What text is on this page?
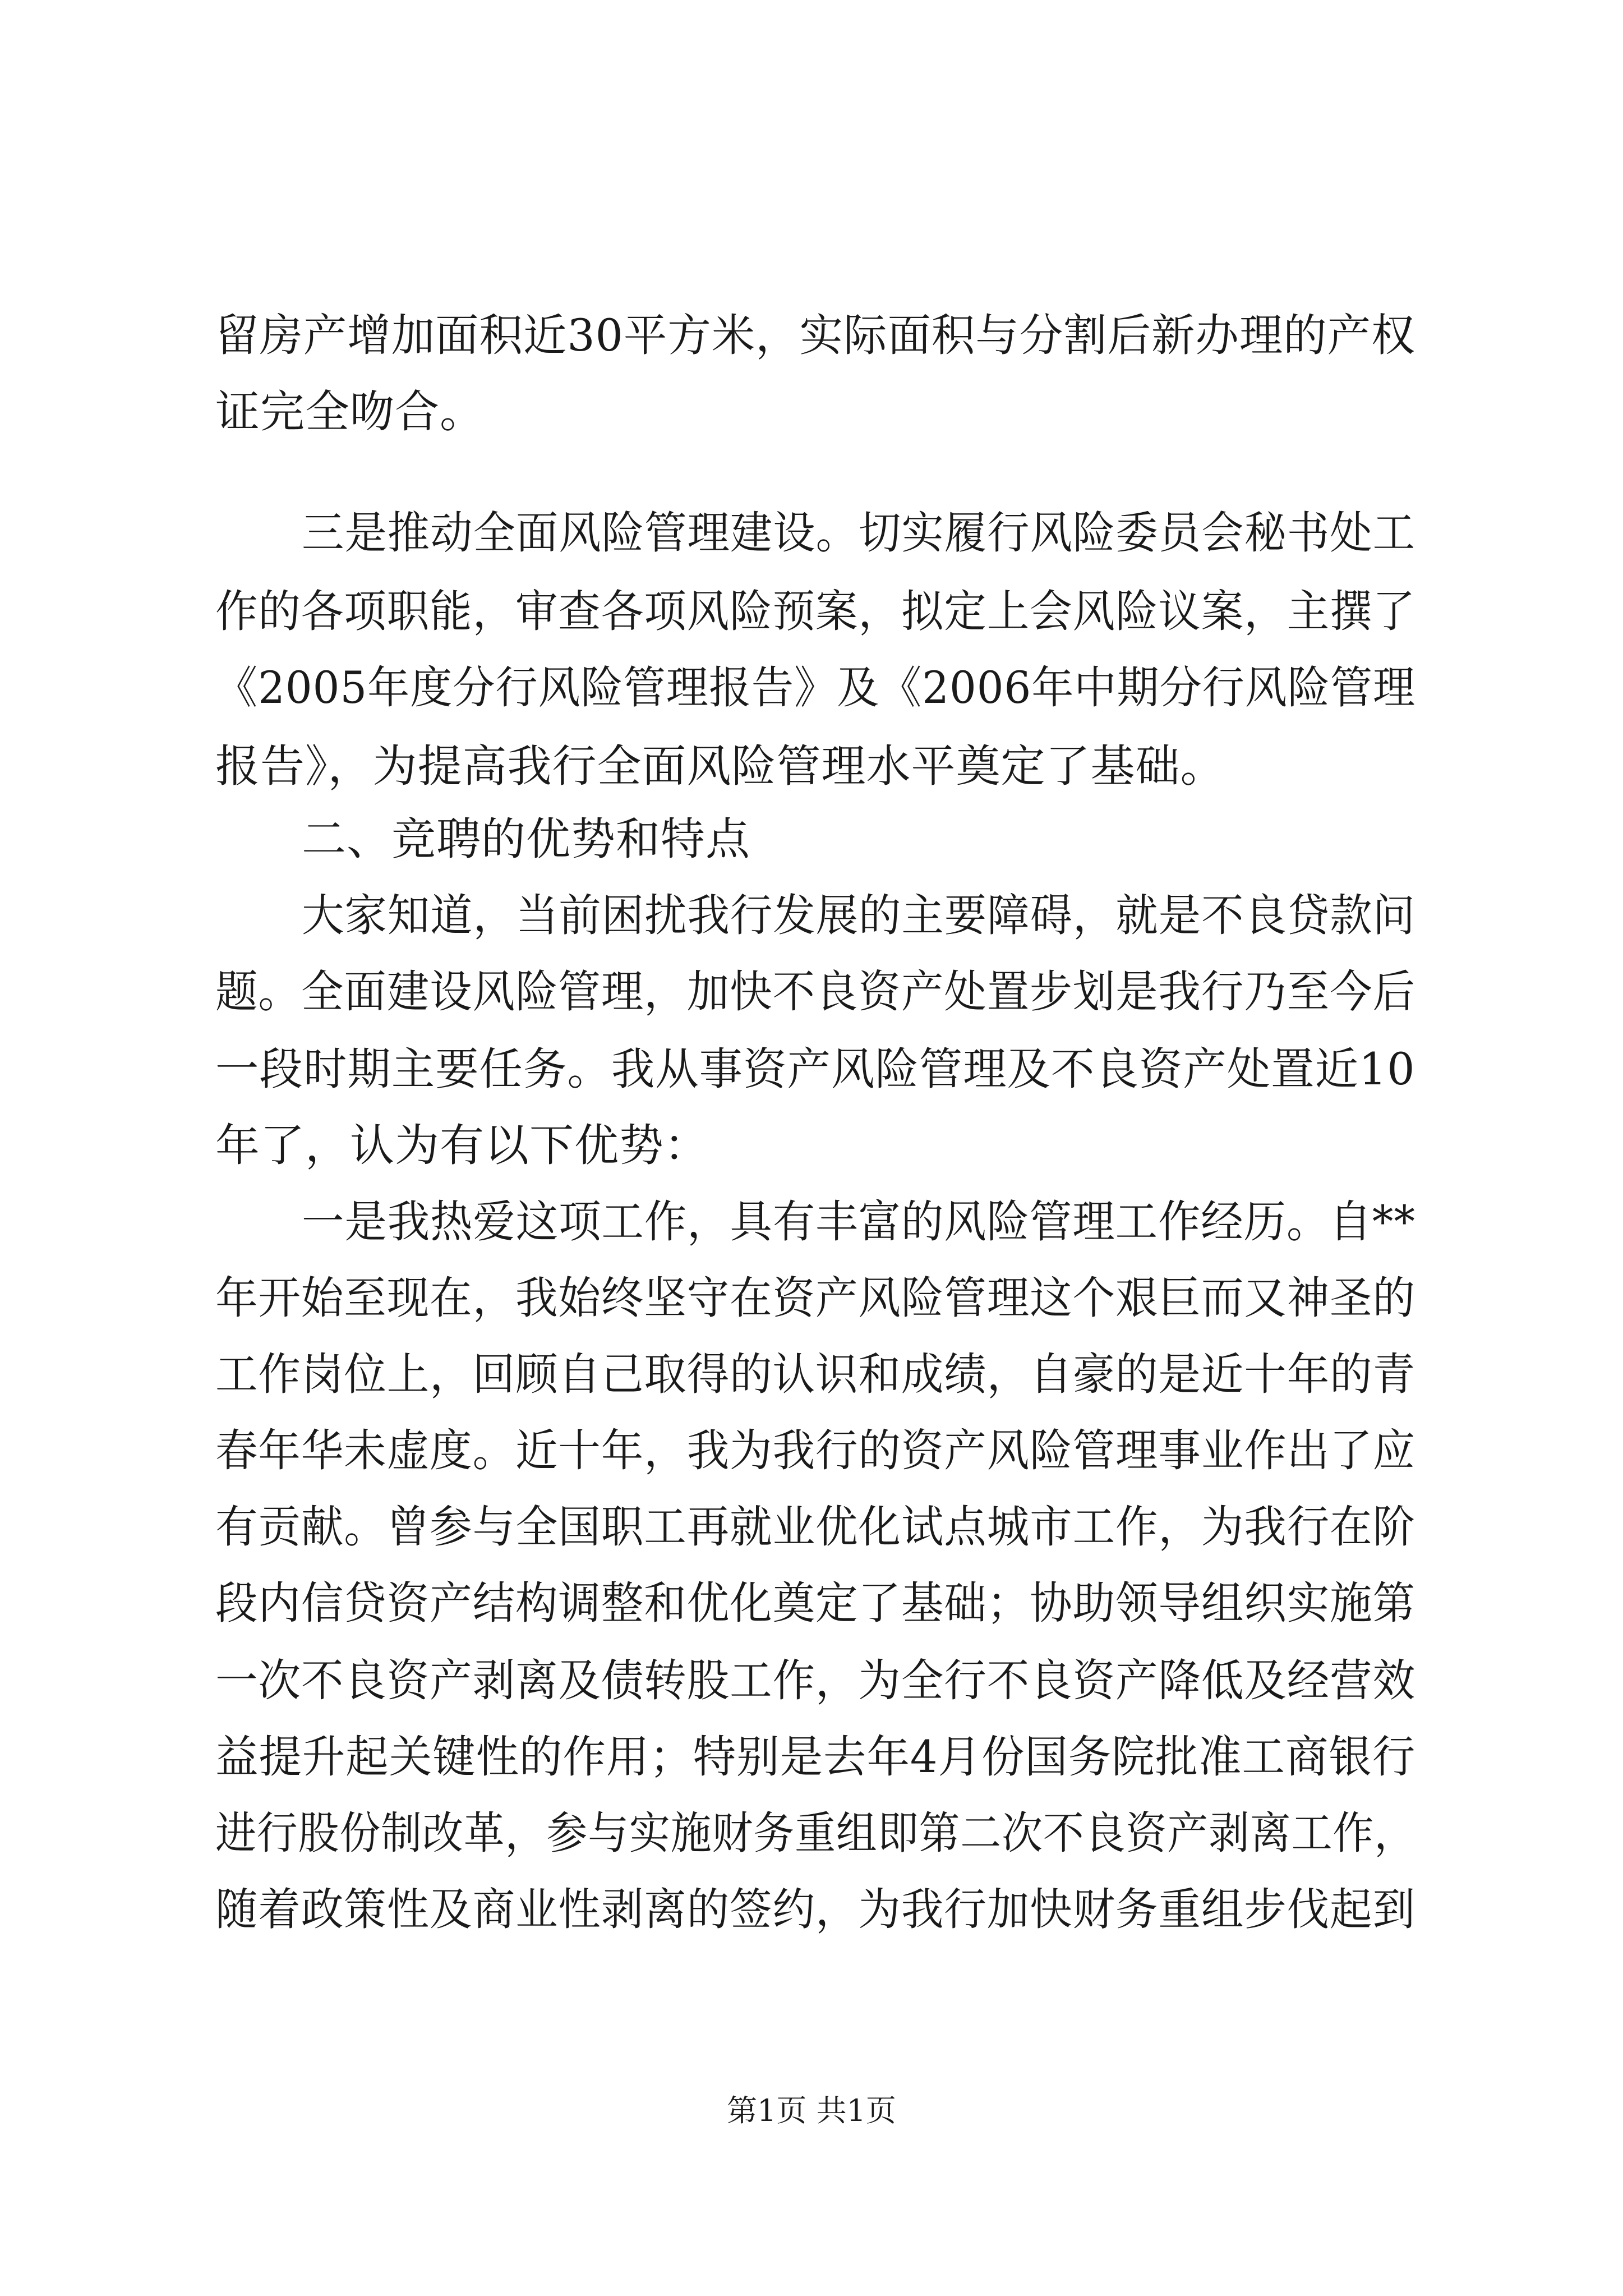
留房产增加面积近30平方米，实际面积与分割后新办理的产权
证完全吻合。
三是推动全面风险管理建设。切实履行风险委员会秘书处工
作的各项职能，审查各项风险预案，拟定上会风险议案，主撰了
《2005年度分行风险管理报告》及《2006年中期分行风险管理
报告》，为提高我行全面风险管理水平奠定了基础。
二、竞聘的优势和特点
大家知道，当前困扰我行发展的主要障碍，就是不良贷款问
题。全面建设风险管理，加快不良资产处置步划是我行乃至今后
一段时期主要任务。我从事资产风险管理及不良资产处置近10
年了，认为有以下优势：
一是我热爱这项工作，具有丰富的风险管理工作经历。自**
年开始至现在，我始终坚守在资产风险管理这个艰巨而又神圣的
工作岗位上，回顾自己取得的认识和成绩，自豪的是近十年的青
春年华未虚度。近十年，我为我行的资产风险管理事业作出了应
有贡献。曾参与全国职工再就业优化试点城市工作，为我行在阶
段内信贷资产结构调整和优化奠定了基础；协助领导组织实施第
一次不良资产剥离及债转股工作，为全行不良资产降低及经营效
益提升起关键性的作用；特别是去年4月份国务院批准工商银行
进行股份制改革，参与实施财务重组即第二次不良资产剥离工作，
随着政策性及商业性剥离的签约，为我行加快财务重组步伐起到
第1页 共1页
